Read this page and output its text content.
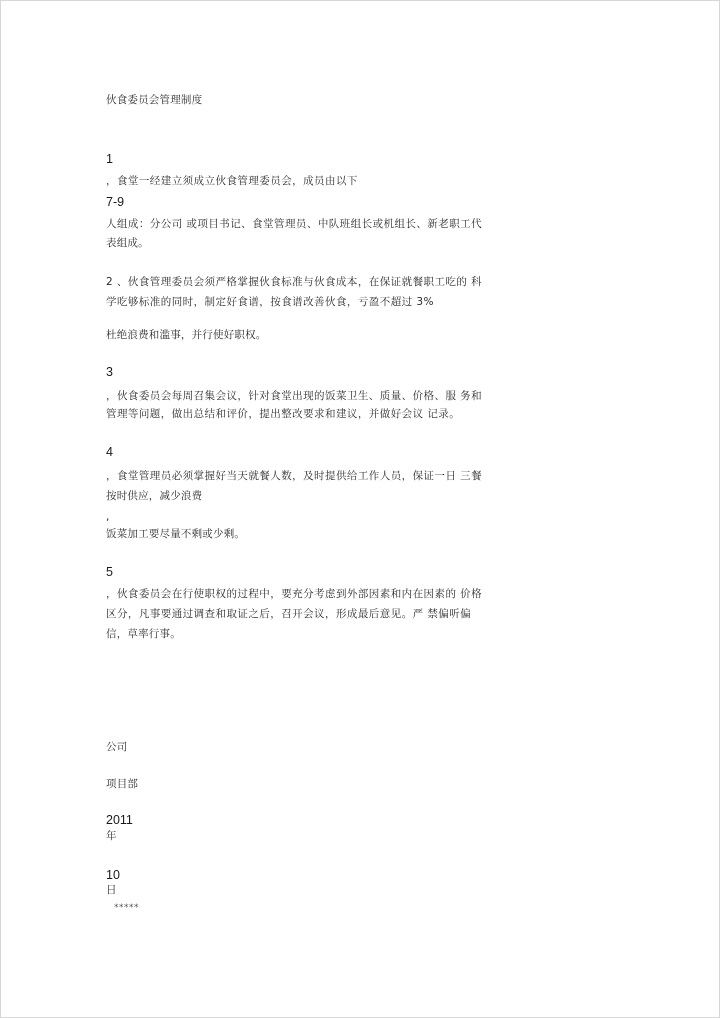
伙食委员会管理制度
1
，食堂一经建立须成立伙食管理委员会，成员由以下
7-9
人组成：分公司 或项目书记、食堂管理员、中队班组长或机组长、新老职工代
表组成。
2 、伙食管理委员会须严格掌握伙食标准与伙食成本，在保证就餐职工吃的 科
学吃够标准的同时，制定好食谱，按食谱改善伙食，亏盈不超过 3%
杜绝浪费和滥事，并行使好职权。
3
，伙食委员会每周召集会议，针对食堂出现的饭菜卫生、质量、价格、服 务和
管理等问题，做出总结和评价，提出整改要求和建议，并做好会议 记录。
4
，食堂管理员必须掌握好当天就餐人数，及时提供给工作人员，保证一日 三餐
按时供应，减少浪费
,
饭菜加工要尽量不剩或少剩。
5
，伙食委员会在行使职权的过程中，要充分考虑到外部因素和内在因素的 价格
区分，凡事要通过调查和取证之后，召开会议，形成最后意见。严 禁偏听偏
信，草率行事。
公司
项目部
2011
年
10
日
*****
